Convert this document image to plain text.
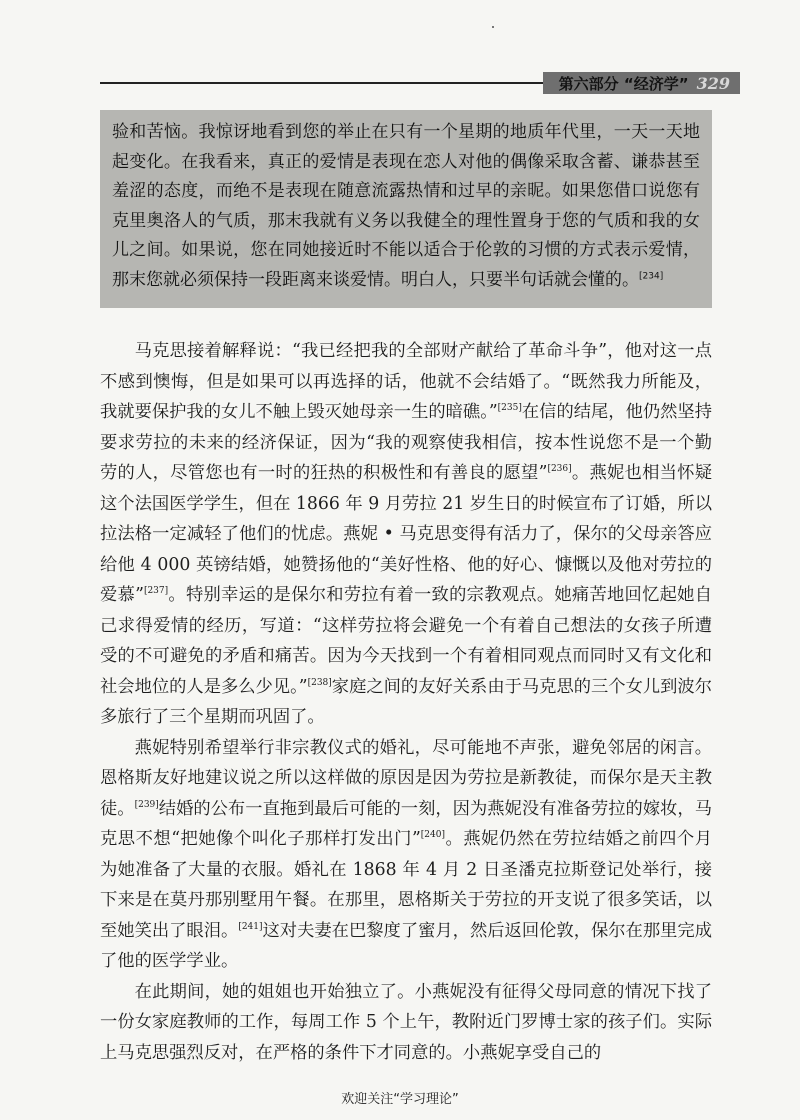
第六部分 “经济学” 329
验和苦恼。我惊讶地看到您的举止在只有一个星期的地质年代里，一天一天地起变化。在我看来，真正的爱情是表现在恋人对他的偶像采取含蓄、谦恭甚至羞涩的态度，而绝不是表现在随意流露热情和过早的亲昵。如果您借口说您有克里奥洛人的气质，那末我就有义务以我健全的理性置身于您的气质和我的女儿之间。如果说，您在同她接近时不能以适合于伦敦的习惯的方式表示爱情，那末您就必须保持一段距离来谈爱情。明白人，只要半句话就会懂的。[234]

马克思接着解释说：“我已经把我的全部财产献给了革命斗争”，他对这一点不感到懊悔，但是如果可以再选择的话，他就不会结婚了。“既然我力所能及，我就要保护我的女儿不触上毁灭她母亲一生的暗礁。”[235]在信的结尾，他仍然坚持要求劳拉的未来的经济保证，因为“我的观察使我相信，按本性说您不是一个勤劳的人，尽管您也有一时的狂热的积极性和有善良的愿望”[236]。燕妮也相当怀疑这个法国医学学生，但在 1866 年 9 月劳拉 21 岁生日的时候宣布了订婚，所以拉法格一定减轻了他们的忧虑。燕妮 • 马克思变得有活力了，保尔的父母亲答应给他 4 000 英镑结婚，她赞扬他的“美好性格、他的好心、慷慨以及他对劳拉的爱慕”[237]。特别幸运的是保尔和劳拉有着一致的宗教观点。她痛苦地回忆起她自己求得爱情的经历，写道：“这样劳拉将会避免一个有着自己想法的女孩子所遭受的不可避免的矛盾和痛苦。因为今天找到一个有着相同观点而同时又有文化和社会地位的人是多么少见。”[238]家庭之间的友好关系由于马克思的三个女儿到波尔多旅行了三个星期而巩固了。

燕妮特别希望举行非宗教仪式的婚礼，尽可能地不声张，避免邻居的闲言。恩格斯友好地建议说之所以这样做的原因是因为劳拉是新教徒，而保尔是天主教徒。[239]结婚的公布一直拖到最后可能的一刻，因为燕妮没有准备劳拉的嫁妆，马克思不想“把她像个叫化子那样打发出门”[240]。燕妮仍然在劳拉结婚之前四个月为她准备了大量的衣服。婚礼在 1868 年 4 月 2 日圣潘克拉斯登记处举行，接下来是在莫丹那别墅用午餐。在那里，恩格斯关于劳拉的开支说了很多笑话，以至她笑出了眼泪。[241]这对夫妻在巴黎度了蜜月，然后返回伦敦，保尔在那里完成了他的医学学业。

在此期间，她的姐姐也开始独立了。小燕妮没有征得父母同意的情况下找了一份女家庭教师的工作，每周工作 5 个上午，教附近门罗博士家的孩子们。实际上马克思强烈反对，在严格的条件下才同意的。小燕妮享受自己的

欢迎关注“学习理论”
